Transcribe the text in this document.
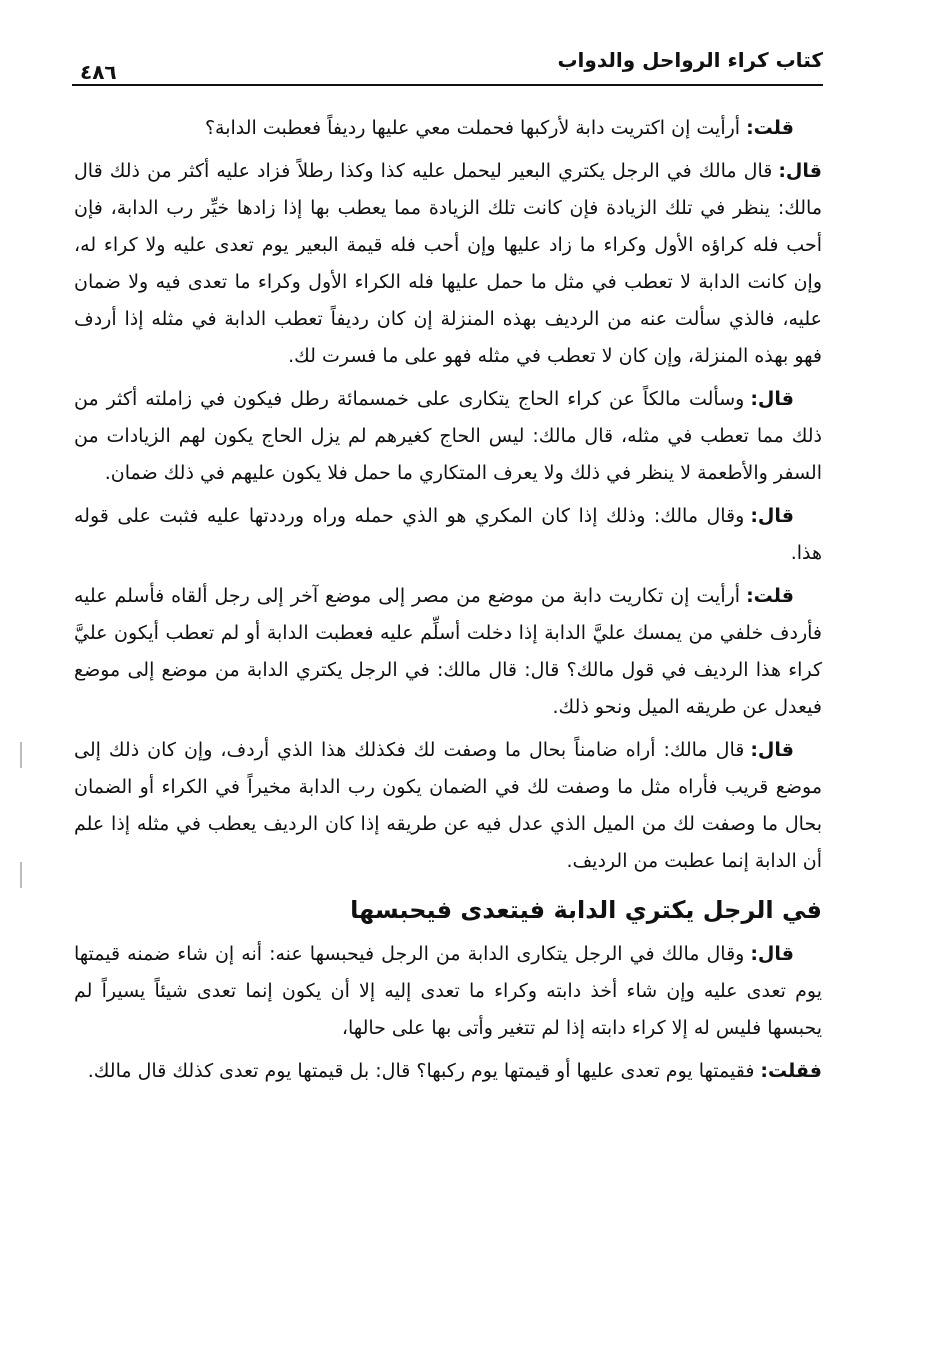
كتاب كراء الرواحل والدواب
٤٨٦

قلت:أرأيت إن اكتريت دابة لأركبها فحملت معي عليها رديفاً فعطبت الدابة؟

قال:قال مالك في الرجل يكتري البعير ليحمل عليه كذا وكذا رطلاً فزاد عليه أكثر من ذلك قال مالك: ينظر في تلك الزيادة فإن كانت تلك الزيادة مما يعطب بها إذا زادها خيِّر رب الدابة، فإن أحب فله كراؤه الأول وكراء ما زاد عليها وإن أحب فله قيمة البعير يوم تعدى عليه ولا كراء له، وإن كانت الدابة لا تعطب في مثل ما حمل عليها فله الكراء الأول وكراء ما تعدى فيه ولا ضمان عليه، فالذي سألت عنه من الرديف بهذه المنزلة إن كان رديفاً تعطب الدابة في مثله إذا أردف فهو بهذه المنزلة، وإن كان لا تعطب في مثله فهو على ما فسرت لك.

قال:وسألت مالكاً عن كراء الحاج يتكارى على خمسمائة رطل فيكون في زاملته أكثر من ذلك مما تعطب في مثله، قال مالك: ليس الحاج كغيرهم لم يزل الحاج يكون لهم الزيادات من السفر والأطعمة لا ينظر في ذلك ولا يعرف المتكاري ما حمل فلا يكون عليهم في ذلك ضمان.

قال:وقال مالك: وذلك إذا كان المكري هو الذي حمله وراه ورددتها عليه فثبت على قوله هذا.

قلت:أرأيت إن تكاريت دابة من موضع من مصر إلى موضع آخر إلى رجل ألقاه فأسلم عليه فأردف خلفي من يمسك عليَّ الدابة إذا دخلت أسلِّم عليه فعطبت الدابة أو لم تعطب أيكون عليَّ كراء هذا الرديف في قول مالك؟ قال: قال مالك: في الرجل يكتري الدابة من موضع إلى موضع فيعدل عن طريقه الميل ونحو ذلك.

قال:قال مالك: أراه ضامناً بحال ما وصفت لك فكذلك هذا الذي أردف، وإن كان ذلك إلى موضع قريب فأراه مثل ما وصفت لك في الضمان يكون رب الدابة مخيراً في الكراء أو الضمان بحال ما وصفت لك من الميل الذي عدل فيه عن طريقه إذا كان الرديف يعطب في مثله إذا علم أن الدابة إنما عطبت من الرديف.

في الرجل يكتري الدابة فيتعدى فيحبسها

قال:وقال مالك في الرجل يتكارى الدابة من الرجل فيحبسها عنه: أنه إن شاء ضمنه قيمتها يوم تعدى عليه وإن شاء أخذ دابته وكراء ما تعدى إليه إلا أن يكون إنما تعدى شيئاً يسيراً لم يحبسها فليس له إلا كراء دابته إذا لم تتغير وأتى بها على حالها،

فقلت:فقيمتها يوم تعدى عليها أو قيمتها يوم ركبها؟ قال: بل قيمتها يوم تعدى كذلك قال مالك.
